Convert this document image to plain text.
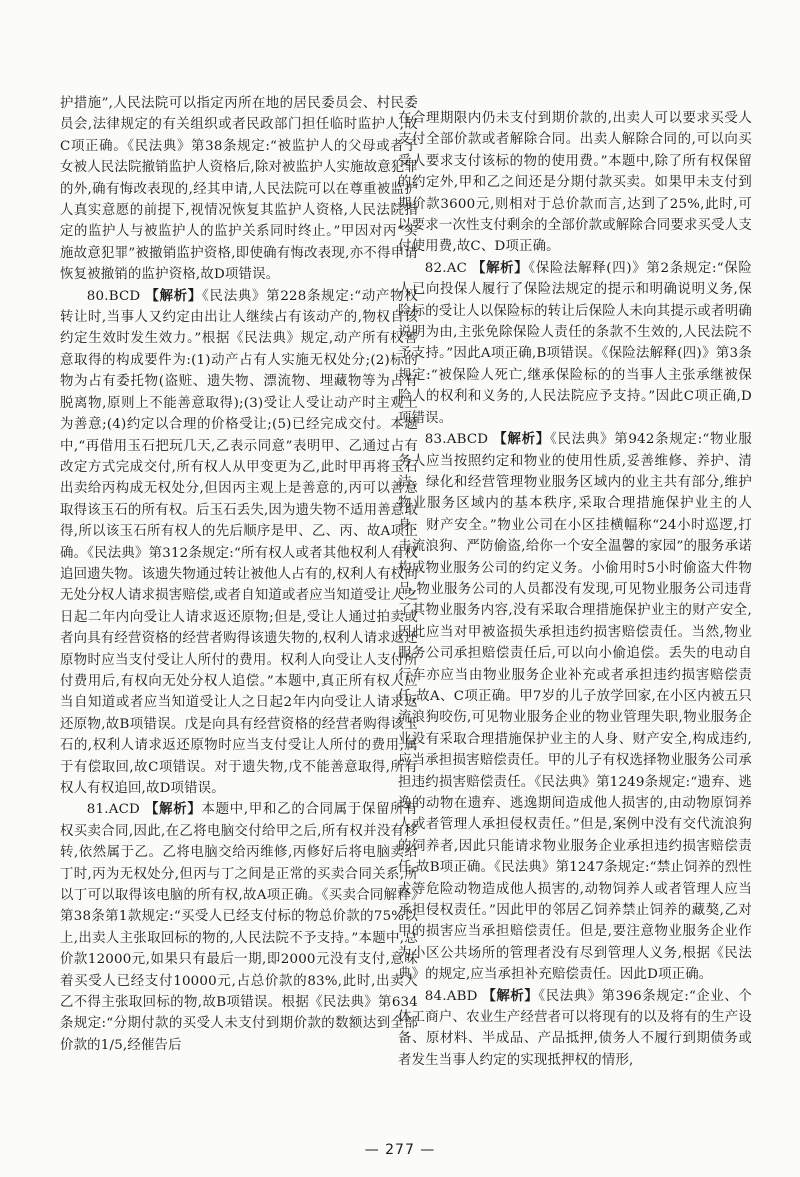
护措施”,人民法院可以指定丙所在地的居民委员会、村民委员会,法律规定的有关组织或者民政部门担任临时监护人,故C项正确。《民法典》第38条规定:“被监护人的父母或者子女被人民法院撤销监护人资格后,除对被监护人实施故意犯罪的外,确有悔改表现的,经其申请,人民法院可以在尊重被监护人真实意愿的前提下,视情况恢复其监护人资格,人民法院指定的监护人与被监护人的监护关系同时终止。”甲因对丙“实施故意犯罪”被撤销监护资格,即使确有悔改表现,亦不得申请恢复被撤销的监护资格,故D项错误。

80.BCD 【解析】《民法典》第228条规定:“动产物权转让时,当事人又约定由出让人继续占有该动产的,物权自该约定生效时发生效力。”根据《民法典》规定,动产所有权善意取得的构成要件为:(1)动产占有人实施无权处分;(2)标的物为占有委托物(盗赃、遗失物、漂流物、埋藏物等为占有脱离物,原则上不能善意取得);(3)受让人受让动产时主观上为善意;(4)约定以合理的价格受让;(5)已经完成交付。本题中,“再借用玉石把玩几天,乙表示同意”表明甲、乙通过占有改定方式完成交付,所有权人从甲变更为乙,此时甲再将玉石出卖给丙构成无权处分,但因丙主观上是善意的,丙可以善意取得该玉石的所有权。后玉石丢失,因为遗失物不适用善意取得,所以该玉石所有权人的先后顺序是甲、乙、丙、故A项正确。《民法典》第312条规定:“所有权人或者其他权利人有权追回遗失物。该遗失物通过转让被他人占有的,权利人有权向无处分权人请求损害赔偿,或者自知道或者应当知道受让人之日起二年内向受让人请求返还原物;但是,受让人通过拍卖或者向具有经营资格的经营者购得该遗失物的,权利人请求返还原物时应当支付受让人所付的费用。权利人向受让人支付所付费用后,有权向无处分权人追偿。”本题中,真正所有权人应当自知道或者应当知道受让人之日起2年内向受让人请求返还原物,故B项错误。戊是向具有经营资格的经营者购得该玉石的,权利人请求返还原物时应当支付受让人所付的费用,属于有偿取回,故C项错误。对于遗失物,戊不能善意取得,所有权人有权追回,故D项错误。

81.ACD 【解析】本题中,甲和乙的合同属于保留所有权买卖合同,因此,在乙将电脑交付给甲之后,所有权并没有移转,依然属于乙。乙将电脑交给丙维修,丙修好后将电脑卖给丁时,丙为无权处分,但丙与丁之间是正常的买卖合同关系,所以丁可以取得该电脑的所有权,故A项正确。《买卖合同解释》第38条第1款规定:“买受人已经支付标的物总价款的75%以上,出卖人主张取回标的物的,人民法院不予支持。”本题中,总价款12000元,如果只有最后一期,即2000元没有支付,意味着买受人已经支付10000元,占总价款的83%,此时,出卖人乙不得主张取回标的物,故B项错误。根据《民法典》第634条规定:“分期付款的买受人未支付到期价款的数额达到全部价款的1/5,经催告后

在合理期限内仍未支付到期价款的,出卖人可以要求买受人支付全部价款或者解除合同。出卖人解除合同的,可以向买受人要求支付该标的物的使用费。”本题中,除了所有权保留的约定外,甲和乙之间还是分期付款买卖。如果甲未支付到期价款3600元,则相对于总价款而言,达到了25%,此时,可以要求一次性支付剩余的全部价款或解除合同要求买受人支付使用费,故C、D项正确。

82.AC 【解析】《保险法解释(四)》第2条规定:“保险人已向投保人履行了保险法规定的提示和明确说明义务,保险标的受让人以保险标的转让后保险人未向其提示或者明确说明为由,主张免除保险人责任的条款不生效的,人民法院不予支持。”因此A项正确,B项错误。《保险法解释(四)》第3条规定:“被保险人死亡,继承保险标的的当事人主张承继被保险人的权利和义务的,人民法院应予支持。”因此C项正确,D项错误。

83.ABCD 【解析】《民法典》第942条规定:“物业服务人应当按照约定和物业的使用性质,妥善维修、养护、清洁、绿化和经营管理物业服务区域内的业主共有部分,维护物业服务区域内的基本秩序,采取合理措施保护业主的人身、财产安全。”物业公司在小区挂横幅称“24小时巡逻,打击流浪狗、严防偷盗,给你一个安全温馨的家园”的服务承诺构成物业服务公司的约定义务。小偷用时5小时偷盗大件物品,物业服务公司的人员都没有发现,可见物业服务公司违背了其物业服务内容,没有采取合理措施保护业主的财产安全,因此应当对甲被盗损失承担违约损害赔偿责任。当然,物业服务公司承担赔偿责任后,可以向小偷追偿。丢失的电动自行车亦应当由物业服务企业补充或者承担违约损害赔偿责任,故A、C项正确。甲7岁的儿子放学回家,在小区内被五只流浪狗咬伤,可见物业服务企业的物业管理失职,物业服务企业没有采取合理措施保护业主的人身、财产安全,构成违约,应当承担损害赔偿责任。甲的儿子有权选择物业服务公司承担违约损害赔偿责任。《民法典》第1249条规定:“遗弃、逃逸的动物在遗弃、逃逸期间造成他人损害的,由动物原饲养人或者管理人承担侵权责任。”但是,案例中没有交代流浪狗的饲养者,因此只能请求物业服务企业承担违约损害赔偿责任,故B项正确。《民法典》第1247条规定:“禁止饲养的烈性犬等危险动物造成他人损害的,动物饲养人或者管理人应当承担侵权责任。”因此甲的邻居乙饲养禁止饲养的藏獒,乙对甲的损害应当承担赔偿责任。但是,要注意物业服务企业作为小区公共场所的管理者没有尽到管理人义务,根据《民法典》的规定,应当承担补充赔偿责任。因此D项正确。

84.ABD 【解析】《民法典》第396条规定:“企业、个体工商户、农业生产经营者可以将现有的以及将有的生产设备、原材料、半成品、产品抵押,债务人不履行到期债务或者发生当事人约定的实现抵押权的情形,

— 277 —
